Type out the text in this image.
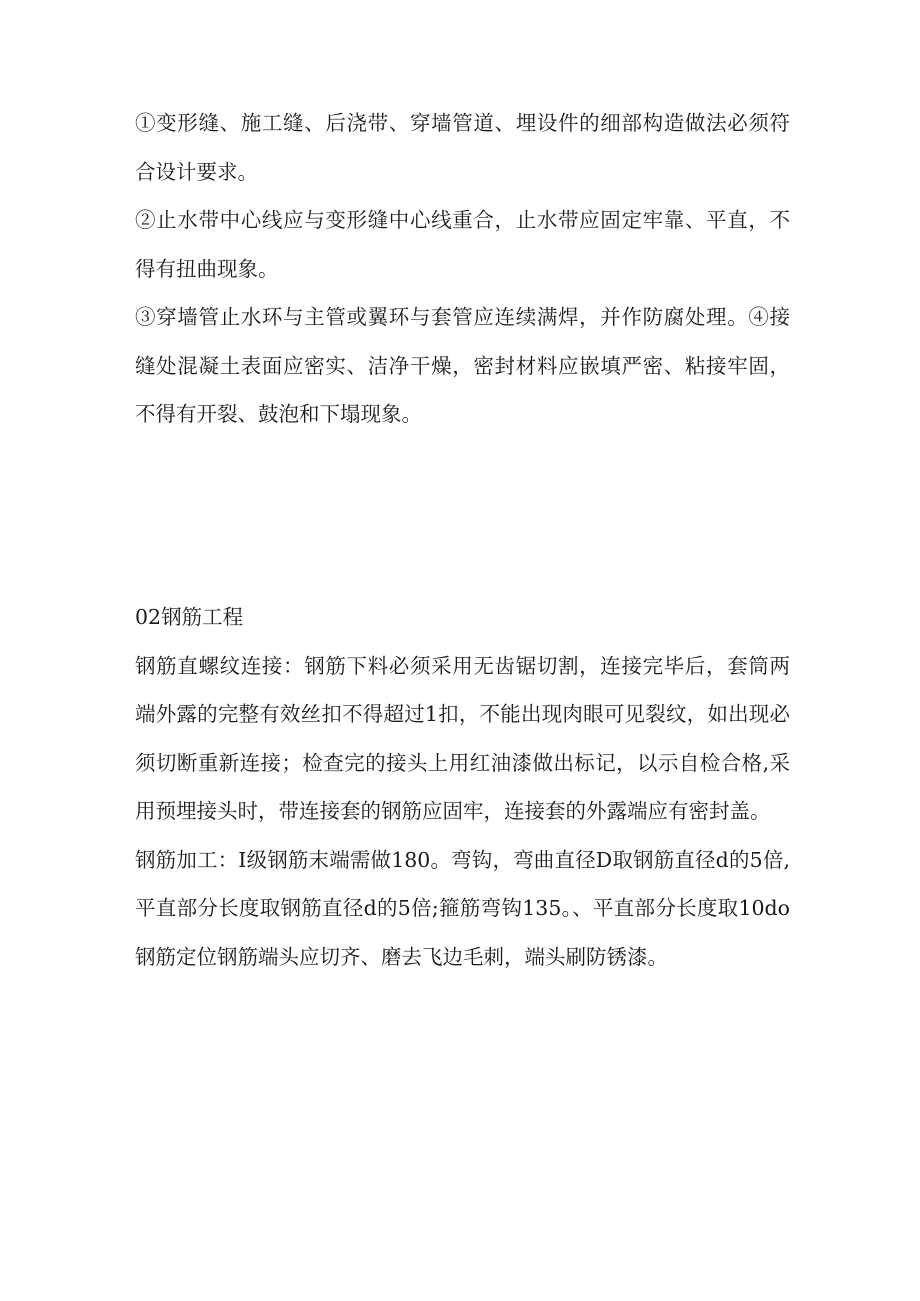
①变形缝、施工缝、后浇带、穿墙管道、埋设件的细部构造做法必须符合设计要求。

②止水带中心线应与变形缝中心线重合，止水带应固定牢靠、平直，不得有扭曲现象。

③穿墙管止水环与主管或翼环与套管应连续满焊，并作防腐处理。④接缝处混凝土表面应密实、洁净干燥，密封材料应嵌填严密、粘接牢固，不得有开裂、鼓泡和下塌现象。

02钢筋工程

钢筋直螺纹连接：钢筋下料必须采用无齿锯切割，连接完毕后，套筒两端外露的完整有效丝扣不得超过1扣，不能出现肉眼可见裂纹，如出现必须切断重新连接；检查完的接头上用红油漆做出标记，以示自检合格,采用预埋接头时，带连接套的钢筋应固牢，连接套的外露端应有密封盖。

钢筋加工：I级钢筋末端需做180。弯钩，弯曲直径D取钢筋直径d的5倍,平直部分长度取钢筋直径d的5倍;箍筋弯钩135。、平直部分长度取10do钢筋定位钢筋端头应切齐、磨去飞边毛刺，端头刷防锈漆。
